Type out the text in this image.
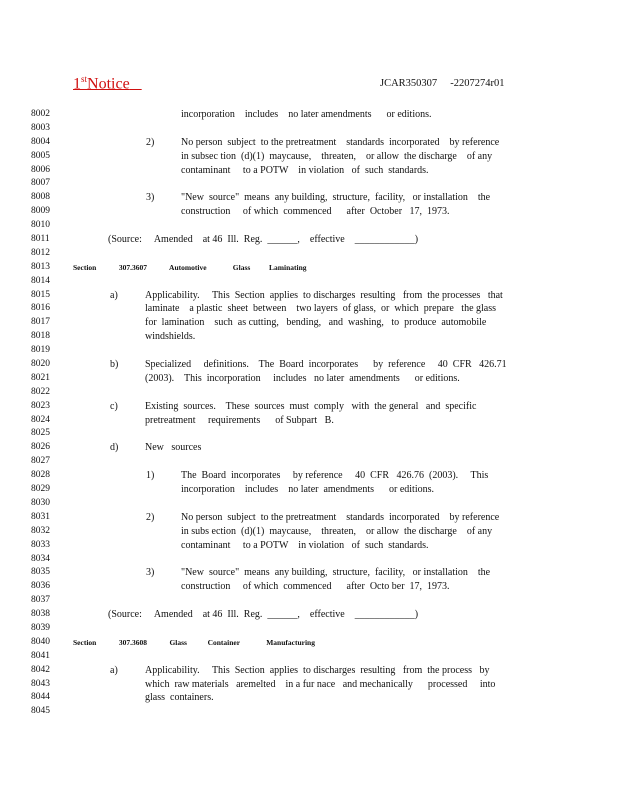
1stNotice	JCAR350307     -2207274r01
8002	incorporation    includes    no later amendments      or editions.
8003
8004	2)	No person  subject  to the pretreatment    standards  incorporated    by reference
8005	in subsec tion  (d)(1)  maycause,    threaten,    or allow  the discharge    of any
8006	contaminant     to a POTW    in violation   of  such  standards.
8007
8008	3)	"New  source"  means  any building,  structure,  facility,   or installation    the
8009	construction     of which  commenced      after  October   17,  1973.
8010
8011	(Source:     Amended    at 46  Ill.  Reg.  ______,    effective    ____________)
8012
8013	Section            307.3607            Automotive              Glass          Laminating
8014
8015	a)	Applicability.     This  Section  applies  to discharges  resulting   from  the processes   that
8016	laminate    a plastic  sheet  between    two layers  of glass,  or  which  prepare   the glass
8017	for  lamination    such  as cutting,   bending,   and  washing,   to  produce  automobile
8018	windshields.
8019
8020	b)	Specialized     definitions.    The  Board  incorporates      by  reference     40  CFR   426.71
8021	(2003).    This  incorporation     includes   no later  amendments      or editions.
8022
8023	c)	Existing  sources.    These  sources  must  comply   with  the general   and  specific
8024	pretreatment     requirements      of Subpart   B.
8025
8026	d)	New   sources
8027
8028	1)	The  Board  incorporates     by reference     40  CFR   426.76  (2003).     This
8029	incorporation    includes    no later  amendments      or editions.
8030
8031	2)	No person  subject  to the pretreatment    standards  incorporated    by reference
8032	in subs ection  (d)(1)  maycause,    threaten,    or allow  the discharge    of any
8033	contaminant     to a POTW    in violation   of  such  standards.
8034
8035	3)	"New  source"  means  any building,  structure,  facility,   or installation    the
8036	construction     of which  commenced      after  Octo ber  17,  1973.
8037
8038	(Source:     Amended    at 46  Ill.  Reg.  ______,    effective    ____________)
8039
8040	Section            307.3608            Glass           Container              Manufacturing
8041
8042	a)	Applicability.     This  Section  applies  to discharges  resulting   from  the process   by
8043	which  raw materials   aremelted    in a fur nace   and mechanically      processed     into
8044	glass  containers.
8045
